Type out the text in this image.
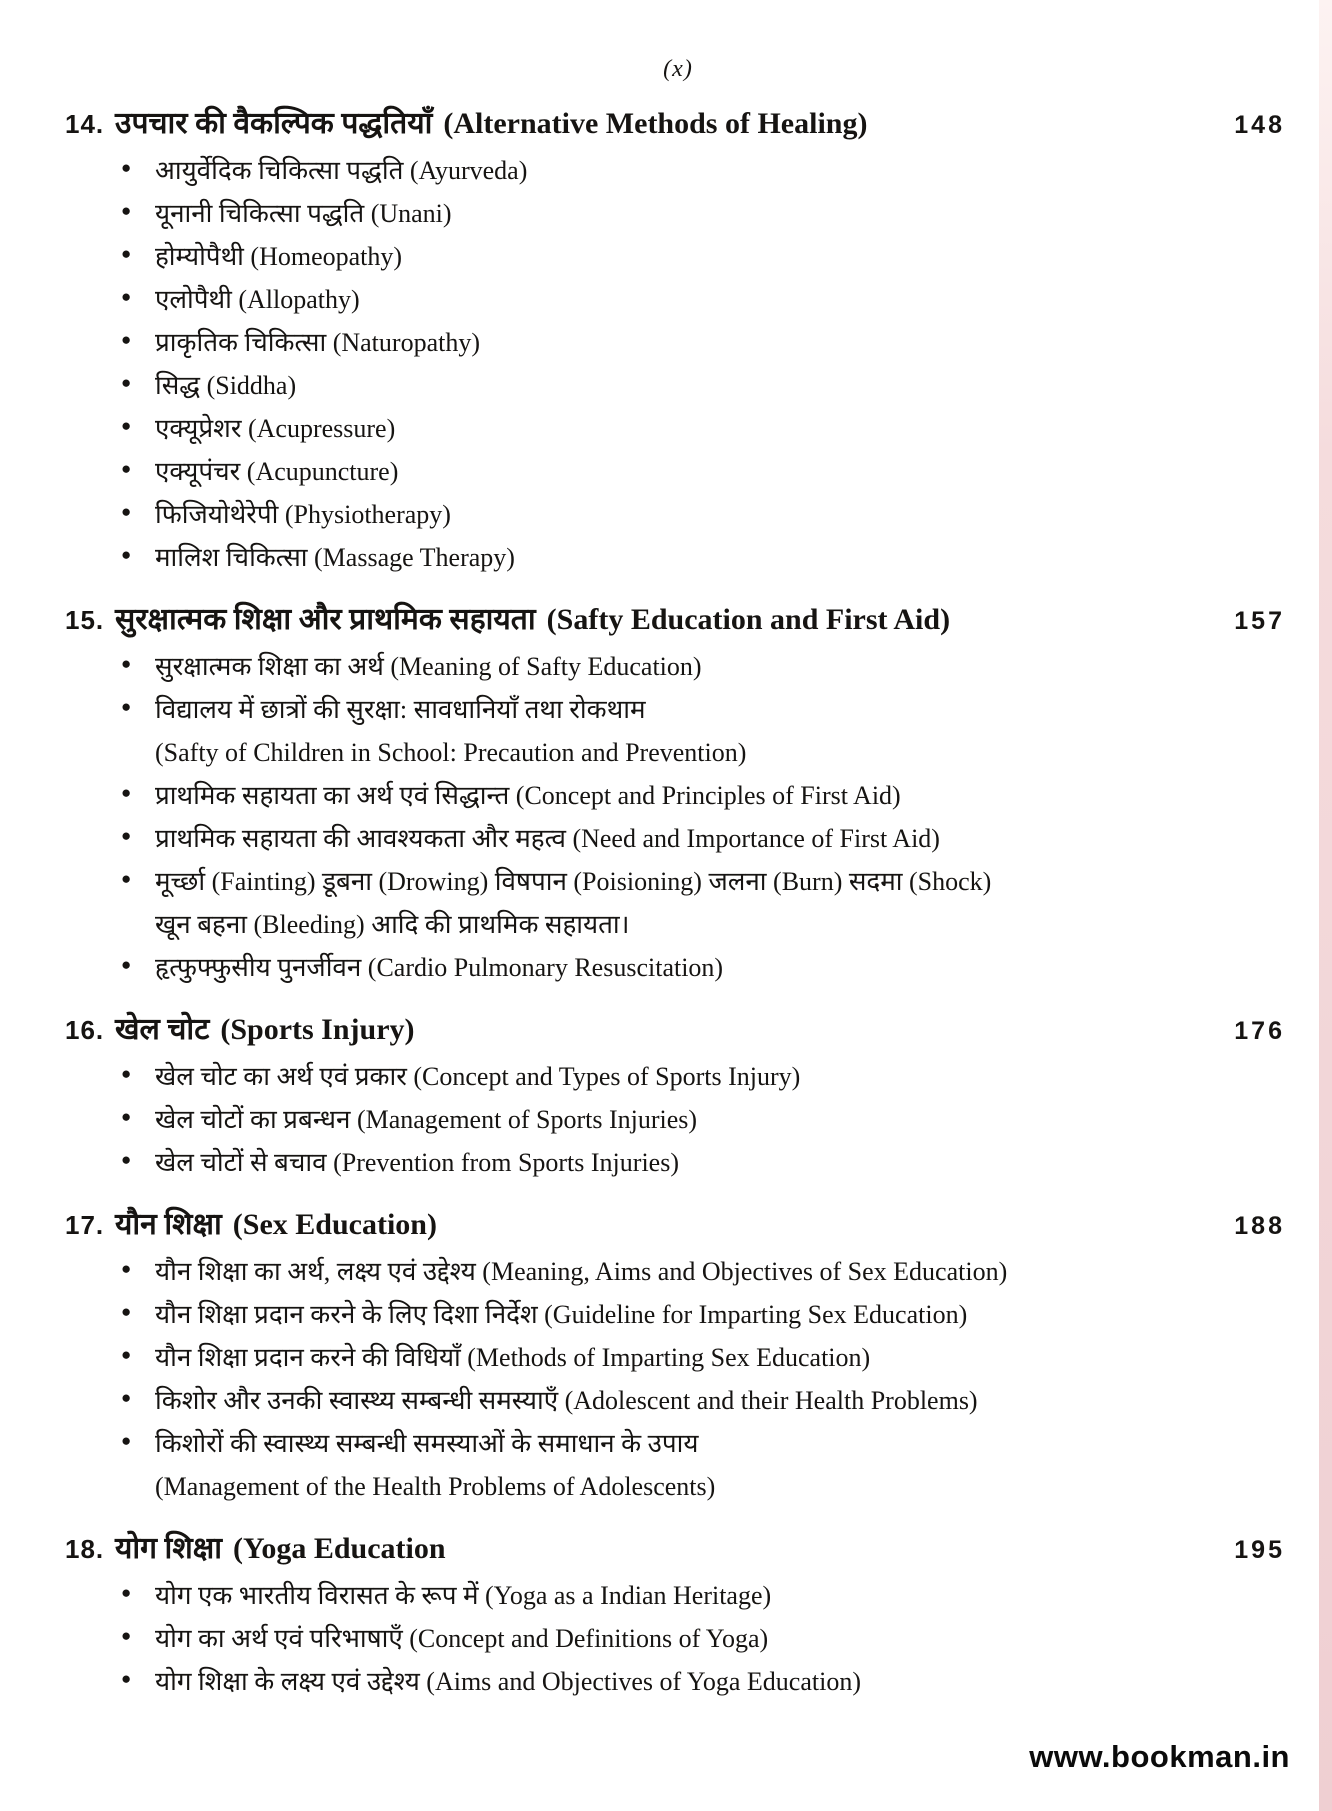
(x)
14. उपचार की वैकल्पिक पद्धतियाँ (Alternative Methods of Healing)	148
● आयुर्वेदिक चिकित्सा पद्धति (Ayurveda)
● यूनानी चिकित्सा पद्धति (Unani)
● होम्योपैथी (Homeopathy)
● एलोपैथी (Allopathy)
● प्राकृतिक चिकित्सा (Naturopathy)
● सिद्ध (Siddha)
● एक्यूप्रेशर (Acupressure)
● एक्यूपंचर (Acupuncture)
● फिजियोथेरेपी (Physiotherapy)
● मालिश चिकित्सा (Massage Therapy)
15. सुरक्षात्मक शिक्षा और प्राथमिक सहायता (Safty Education and First Aid)	157
● सुरक्षात्मक शिक्षा का अर्थ (Meaning of Safty Education)
● विद्यालय में छात्रों की सुरक्षा: सावधानियाँ तथा रोकथाम
(Safty of Children in School: Precaution and Prevention)
● प्राथमिक सहायता का अर्थ एवं सिद्धान्त (Concept and Principles of First Aid)
● प्राथमिक सहायता की आवश्यकता और महत्व (Need and Importance of First Aid)
● मूर्च्छा (Fainting) डूबना (Drowing) विषपान (Poisioning) जलना (Burn) सदमा (Shock)
खून बहना (Bleeding) आदि की प्राथमिक सहायता।
● हृत्फुफ्फुसीय पुनर्जीवन (Cardio Pulmonary Resuscitation)
16. खेल चोट (Sports Injury)	176
● खेल चोट का अर्थ एवं प्रकार (Concept and Types of Sports Injury)
● खेल चोटों का प्रबन्धन (Management of Sports Injuries)
● खेल चोटों से बचाव (Prevention from Sports Injuries)
17. यौन शिक्षा (Sex Education)	188
● यौन शिक्षा का अर्थ, लक्ष्य एवं उद्देश्य (Meaning, Aims and Objectives of Sex Education)
● यौन शिक्षा प्रदान करने के लिए दिशा निर्देश (Guideline for Imparting Sex Education)
● यौन शिक्षा प्रदान करने की विधियाँ (Methods of Imparting Sex Education)
● किशोर और उनकी स्वास्थ्य सम्बन्धी समस्याएँ (Adolescent and their Health Problems)
● किशोरों की स्वास्थ्य सम्बन्धी समस्याओं के समाधान के उपाय
(Management of the Health Problems of Adolescents)
18. योग शिक्षा (Yoga Education	195
● योग एक भारतीय विरासत के रूप में (Yoga as a Indian Heritage)
● योग का अर्थ एवं परिभाषाएँ (Concept and Definitions of Yoga)
● योग शिक्षा के लक्ष्य एवं उद्देश्य (Aims and Objectives of Yoga Education)
www.bookman.in
